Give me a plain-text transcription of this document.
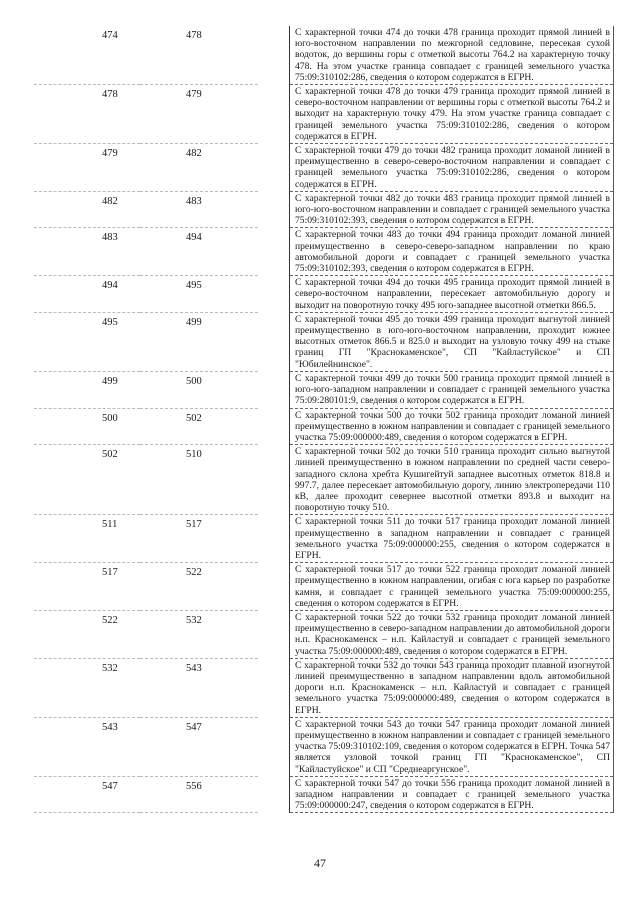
474	478		С характерной точки 474 до точки 478 граница проходит прямой линией в юго-восточном направлении по межгорной седловине, пересекая сухой водоток, до вершины горы с отметкой высоты 764.2 на характерную точку 478. На этом участке граница совпадает с границей земельного участка 75:09:310102:286, сведения о котором содержатся в ЕГРН.
478	479		С характерной точки 478 до точки 479 граница проходит прямой линией в северо-восточном направлении от вершины горы с отметкой высоты 764.2 и выходит на характерную точку 479. На этом участке граница совпадает с границей земельного участка 75:09:310102:286, сведения о котором содержатся в ЕГРН.
479	482		С характерной точки 479 до точки 482 граница проходит ломаной линией в преимущественно в северо-северо-восточном направлении и совпадает с границей земельного участка 75:09:310102:286, сведения о котором содержатся в ЕГРН.
482	483		С характерной точки 482 до точки 483 граница проходит прямой линией в юго-юго-восточном направлении и совпадает с границей земельного участка 75:09:310102:393, сведения о котором содержатся в ЕГРН.
483	494		С характерной точки 483 до точки 494 граница проходит ломаной линией преимущественно в северо-северо-западном направлении по краю автомобильной дороги и совпадает с границей земельного участка 75:09:310102:393, сведения о котором содержатся в ЕГРН.
494	495		С характерной точки 494 до точки 495 граница проходит прямой линией в северо-восточном направлении, пересекает автомобильную дорогу и выходит на поворотную точку 495 юго-западнее высотной отметки 866.5.
495	499		С характерной точки 495 до точки 499 граница проходит выгнутой линией преимущественно в юго-юго-восточном направлении, проходит южнее высотных отметок 866.5 и 825.0 и выходит на узловую точку 499 на стыке границ ГП "Краснокаменское", СП "Кайластуйское" и СП "Юбилейнинское".
499	500		С характерной точки 499 до точки 500 граница проходит прямой линией в юго-юго-западном направлении и совпадает с границей земельного участка 75:09:280101:9, сведения о котором содержатся в ЕГРН.
500	502		С характерной точки 500 до точки 502 граница проходит ломаной линией преимущественно в южном направлении и совпадает с границей земельного участка 75:09:000000:489, сведения о котором содержатся в ЕГРН.
502	510		С характерной точки 502 до точки 510 граница проходит сильно выгнутой линией преимущественно в южном направлении по средней части северо-западного склона хребта Кушигейтуй западнее высотных отметок 818.8 и 997.7, далее пересекает автомобильную дорогу, линию электропередачи 110 кВ, далее проходит севернее высотной отметки 893.8 и выходит на поворотную точку 510.
511	517		С характерной точки 511 до точки 517 граница проходит ломаной линией преимущественно в западном направлении и совпадает с границей земельного участка 75:09:000000:255, сведения о котором содержатся в ЕГРН.
517	522		С характерной точки 517 до точки 522 граница проходит ломаной линией преимущественно в южном направлении, огибая с юга карьер по разработке камня, и совпадает с границей земельного участка 75:09:000000:255, сведения о котором содержатся в ЕГРН.
522	532		С характерной точки 522 до точки 532 граница проходит ломаной линией преимущественно в северо-западном направлении до автомобильной дороги н.п. Краснокаменск – н.п. Кайластуй и совпадает с границей земельного участка 75:09:000000:489, сведения о котором содержатся в ЕГРН.
532	543		С характерной точки 532 до точки 543 граница проходит плавной изогнутой линией преимущественно в западном направлении вдоль автомобильной дороги н.п. Краснокаменск – н.п. Кайластуй и совпадает с границей земельного участка 75:09:000000:489, сведения о котором содержатся в ЕГРН.
543	547		С характерной точки 543 до точки 547 граница проходит ломаной линией преимущественно в южном направлении и совпадает с границей земельного участка 75:09:310102:109, сведения о котором содержатся в ЕГРН. Точка 547 является узловой точкой границ ГП "Краснокаменское", СП "Кайластуйское" и СП "Среднеаргунское".
547	556		С характерной точки 547 до точки 556 граница проходит ломаной линией в западном направлении и совпадает с границей земельного участка 75:09:000000:247, сведения о котором содержатся в ЕГРН.
47
